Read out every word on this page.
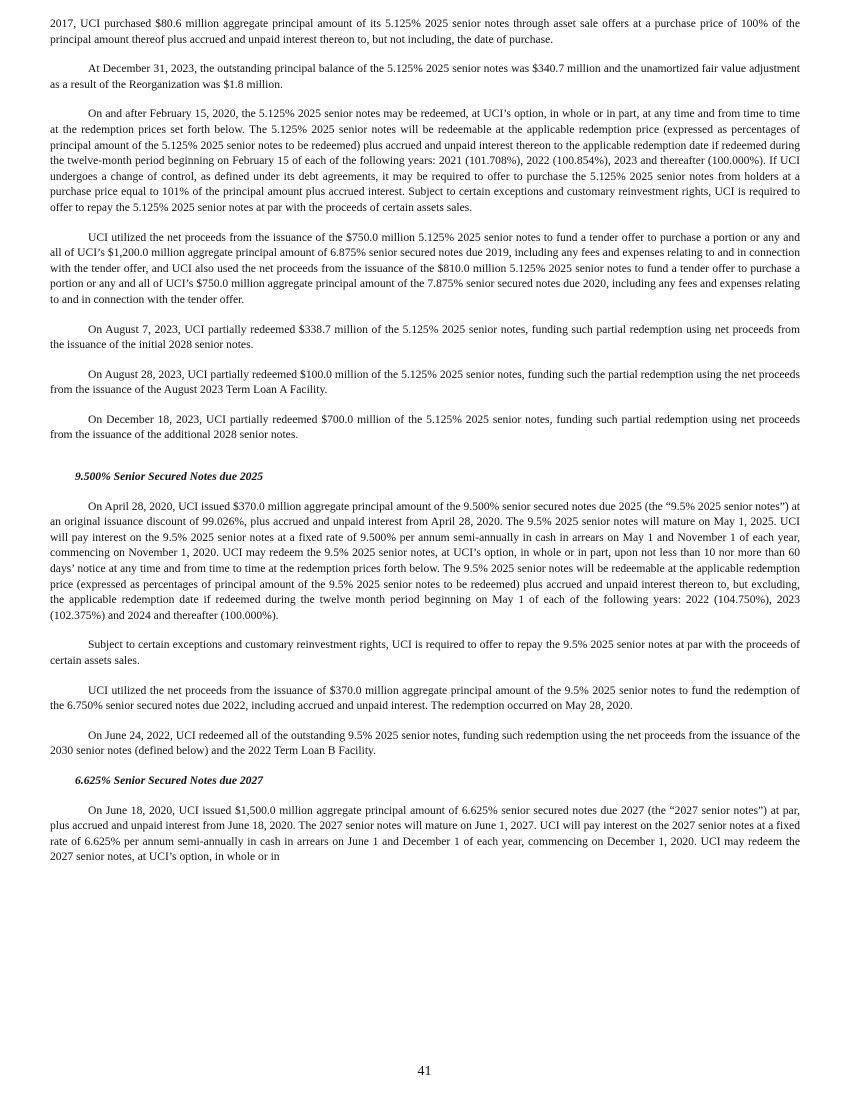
2017, UCI purchased $80.6 million aggregate principal amount of its 5.125% 2025 senior notes through asset sale offers at a purchase price of 100% of the principal amount thereof plus accrued and unpaid interest thereon to, but not including, the date of purchase.

At December 31, 2023, the outstanding principal balance of the 5.125% 2025 senior notes was $340.7 million and the unamortized fair value adjustment as a result of the Reorganization was $1.8 million.

On and after February 15, 2020, the 5.125% 2025 senior notes may be redeemed, at UCI’s option, in whole or in part, at any time and from time to time at the redemption prices set forth below. The 5.125% 2025 senior notes will be redeemable at the applicable redemption price (expressed as percentages of principal amount of the 5.125% 2025 senior notes to be redeemed) plus accrued and unpaid interest thereon to the applicable redemption date if redeemed during the twelve-month period beginning on February 15 of each of the following years: 2021 (101.708%), 2022 (100.854%), 2023 and thereafter (100.000%). If UCI undergoes a change of control, as defined under its debt agreements, it may be required to offer to purchase the 5.125% 2025 senior notes from holders at a purchase price equal to 101% of the principal amount plus accrued interest. Subject to certain exceptions and customary reinvestment rights, UCI is required to offer to repay the 5.125% 2025 senior notes at par with the proceeds of certain assets sales.

UCI utilized the net proceeds from the issuance of the $750.0 million 5.125% 2025 senior notes to fund a tender offer to purchase a portion or any and all of UCI’s $1,200.0 million aggregate principal amount of 6.875% senior secured notes due 2019, including any fees and expenses relating to and in connection with the tender offer, and UCI also used the net proceeds from the issuance of the $810.0 million 5.125% 2025 senior notes to fund a tender offer to purchase a portion or any and all of UCI’s $750.0 million aggregate principal amount of the 7.875% senior secured notes due 2020, including any fees and expenses relating to and in connection with the tender offer.

On August 7, 2023, UCI partially redeemed $338.7 million of the 5.125% 2025 senior notes, funding such partial redemption using net proceeds from the issuance of the initial 2028 senior notes.

On August 28, 2023, UCI partially redeemed $100.0 million of the 5.125% 2025 senior notes, funding such the partial redemption using the net proceeds from the issuance of the August 2023 Term Loan A Facility.

On December 18, 2023, UCI partially redeemed $700.0 million of the 5.125% 2025 senior notes, funding such partial redemption using net proceeds from the issuance of the additional 2028 senior notes.

9.500% Senior Secured Notes due 2025

On April 28, 2020, UCI issued $370.0 million aggregate principal amount of the 9.500% senior secured notes due 2025 (the “9.5% 2025 senior notes”) at an original issuance discount of 99.026%, plus accrued and unpaid interest from April 28, 2020. The 9.5% 2025 senior notes will mature on May 1, 2025. UCI will pay interest on the 9.5% 2025 senior notes at a fixed rate of 9.500% per annum semi-annually in cash in arrears on May 1 and November 1 of each year, commencing on November 1, 2020. UCI may redeem the 9.5% 2025 senior notes, at UCI’s option, in whole or in part, upon not less than 10 nor more than 60 days’ notice at any time and from time to time at the redemption prices forth below. The 9.5% 2025 senior notes will be redeemable at the applicable redemption price (expressed as percentages of principal amount of the 9.5% 2025 senior notes to be redeemed) plus accrued and unpaid interest thereon to, but excluding, the applicable redemption date if redeemed during the twelve month period beginning on May 1 of each of the following years: 2022 (104.750%), 2023 (102.375%) and 2024 and thereafter (100.000%).

Subject to certain exceptions and customary reinvestment rights, UCI is required to offer to repay the 9.5% 2025 senior notes at par with the proceeds of certain assets sales.

UCI utilized the net proceeds from the issuance of $370.0 million aggregate principal amount of the 9.5% 2025 senior notes to fund the redemption of the 6.750% senior secured notes due 2022, including accrued and unpaid interest. The redemption occurred on May 28, 2020.

On June 24, 2022, UCI redeemed all of the outstanding 9.5% 2025 senior notes, funding such redemption using the net proceeds from the issuance of the 2030 senior notes (defined below) and the 2022 Term Loan B Facility.

6.625% Senior Secured Notes due 2027

On June 18, 2020, UCI issued $1,500.0 million aggregate principal amount of 6.625% senior secured notes due 2027 (the “2027 senior notes”) at par, plus accrued and unpaid interest from June 18, 2020. The 2027 senior notes will mature on June 1, 2027. UCI will pay interest on the 2027 senior notes at a fixed rate of 6.625% per annum semi-annually in cash in arrears on June 1 and December 1 of each year, commencing on December 1, 2020. UCI may redeem the 2027 senior notes, at UCI’s option, in whole or in

41
